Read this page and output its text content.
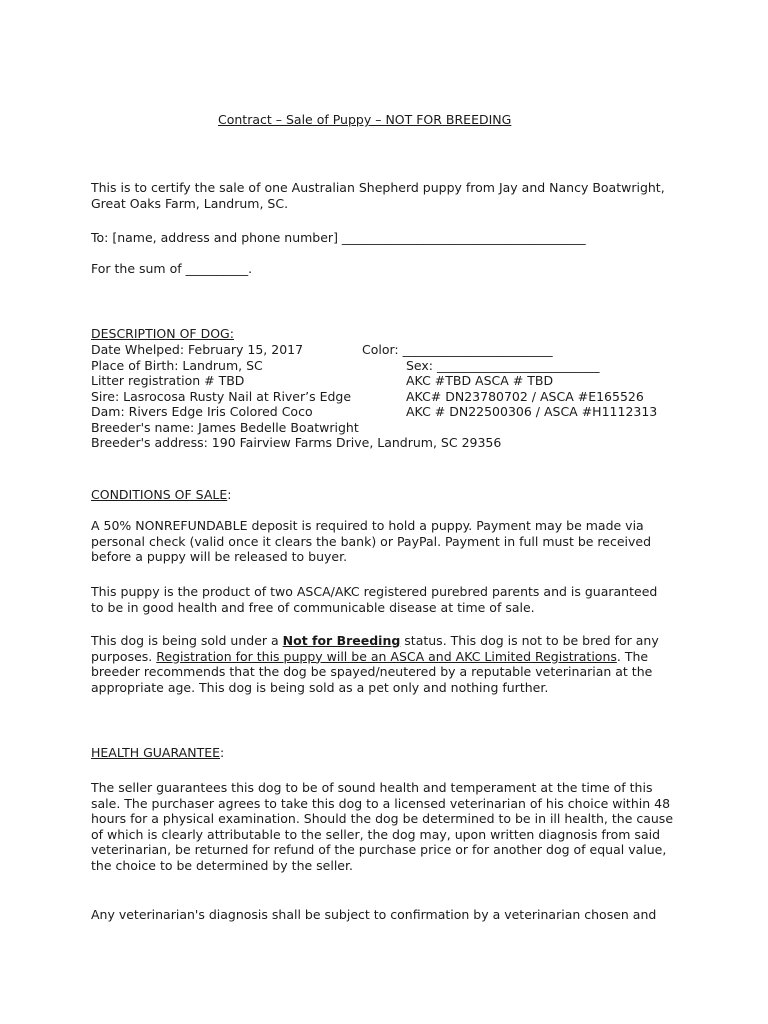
Contract – Sale of Puppy – NOT FOR BREEDING
This is to certify the sale of one Australian Shepherd puppy from Jay and Nancy Boatwright,
Great Oaks Farm, Landrum, SC.
To: [name, address and phone number] _______________________________________
For the sum of __________.
DESCRIPTION OF DOG:
Date Whelped: February 15, 2017	Color: ________________________
Place of Birth: Landrum, SC	Sex: __________________________
Litter registration # TBD	AKC #TBD ASCA # TBD
Sire: Lasrocosa Rusty Nail at River’s Edge	AKC# DN23780702 / ASCA #E165526
Dam: Rivers Edge Iris Colored Coco	AKC # DN22500306 / ASCA #H1112313
Breeder's name: James Bedelle Boatwright
Breeder's address: 190 Fairview Farms Drive, Landrum, SC 29356
CONDITIONS OF SALE:
A 50% NONREFUNDABLE deposit is required to hold a puppy. Payment may be made via
personal check (valid once it clears the bank) or PayPal. Payment in full must be received
before a puppy will be released to buyer.
This puppy is the product of two ASCA/AKC registered purebred parents and is guaranteed
to be in good health and free of communicable disease at time of sale.
This dog is being sold under a Not for Breeding status. This dog is not to be bred for any
purposes. Registration for this puppy will be an ASCA and AKC Limited Registrations. The
breeder recommends that the dog be spayed/neutered by a reputable veterinarian at the
appropriate age. This dog is being sold as a pet only and nothing further.
HEALTH GUARANTEE:
The seller guarantees this dog to be of sound health and temperament at the time of this
sale. The purchaser agrees to take this dog to a licensed veterinarian of his choice within 48
hours for a physical examination. Should the dog be determined to be in ill health, the cause
of which is clearly attributable to the seller, the dog may, upon written diagnosis from said
veterinarian, be returned for refund of the purchase price or for another dog of equal value,
the choice to be determined by the seller.
Any veterinarian's diagnosis shall be subject to confirmation by a veterinarian chosen and
